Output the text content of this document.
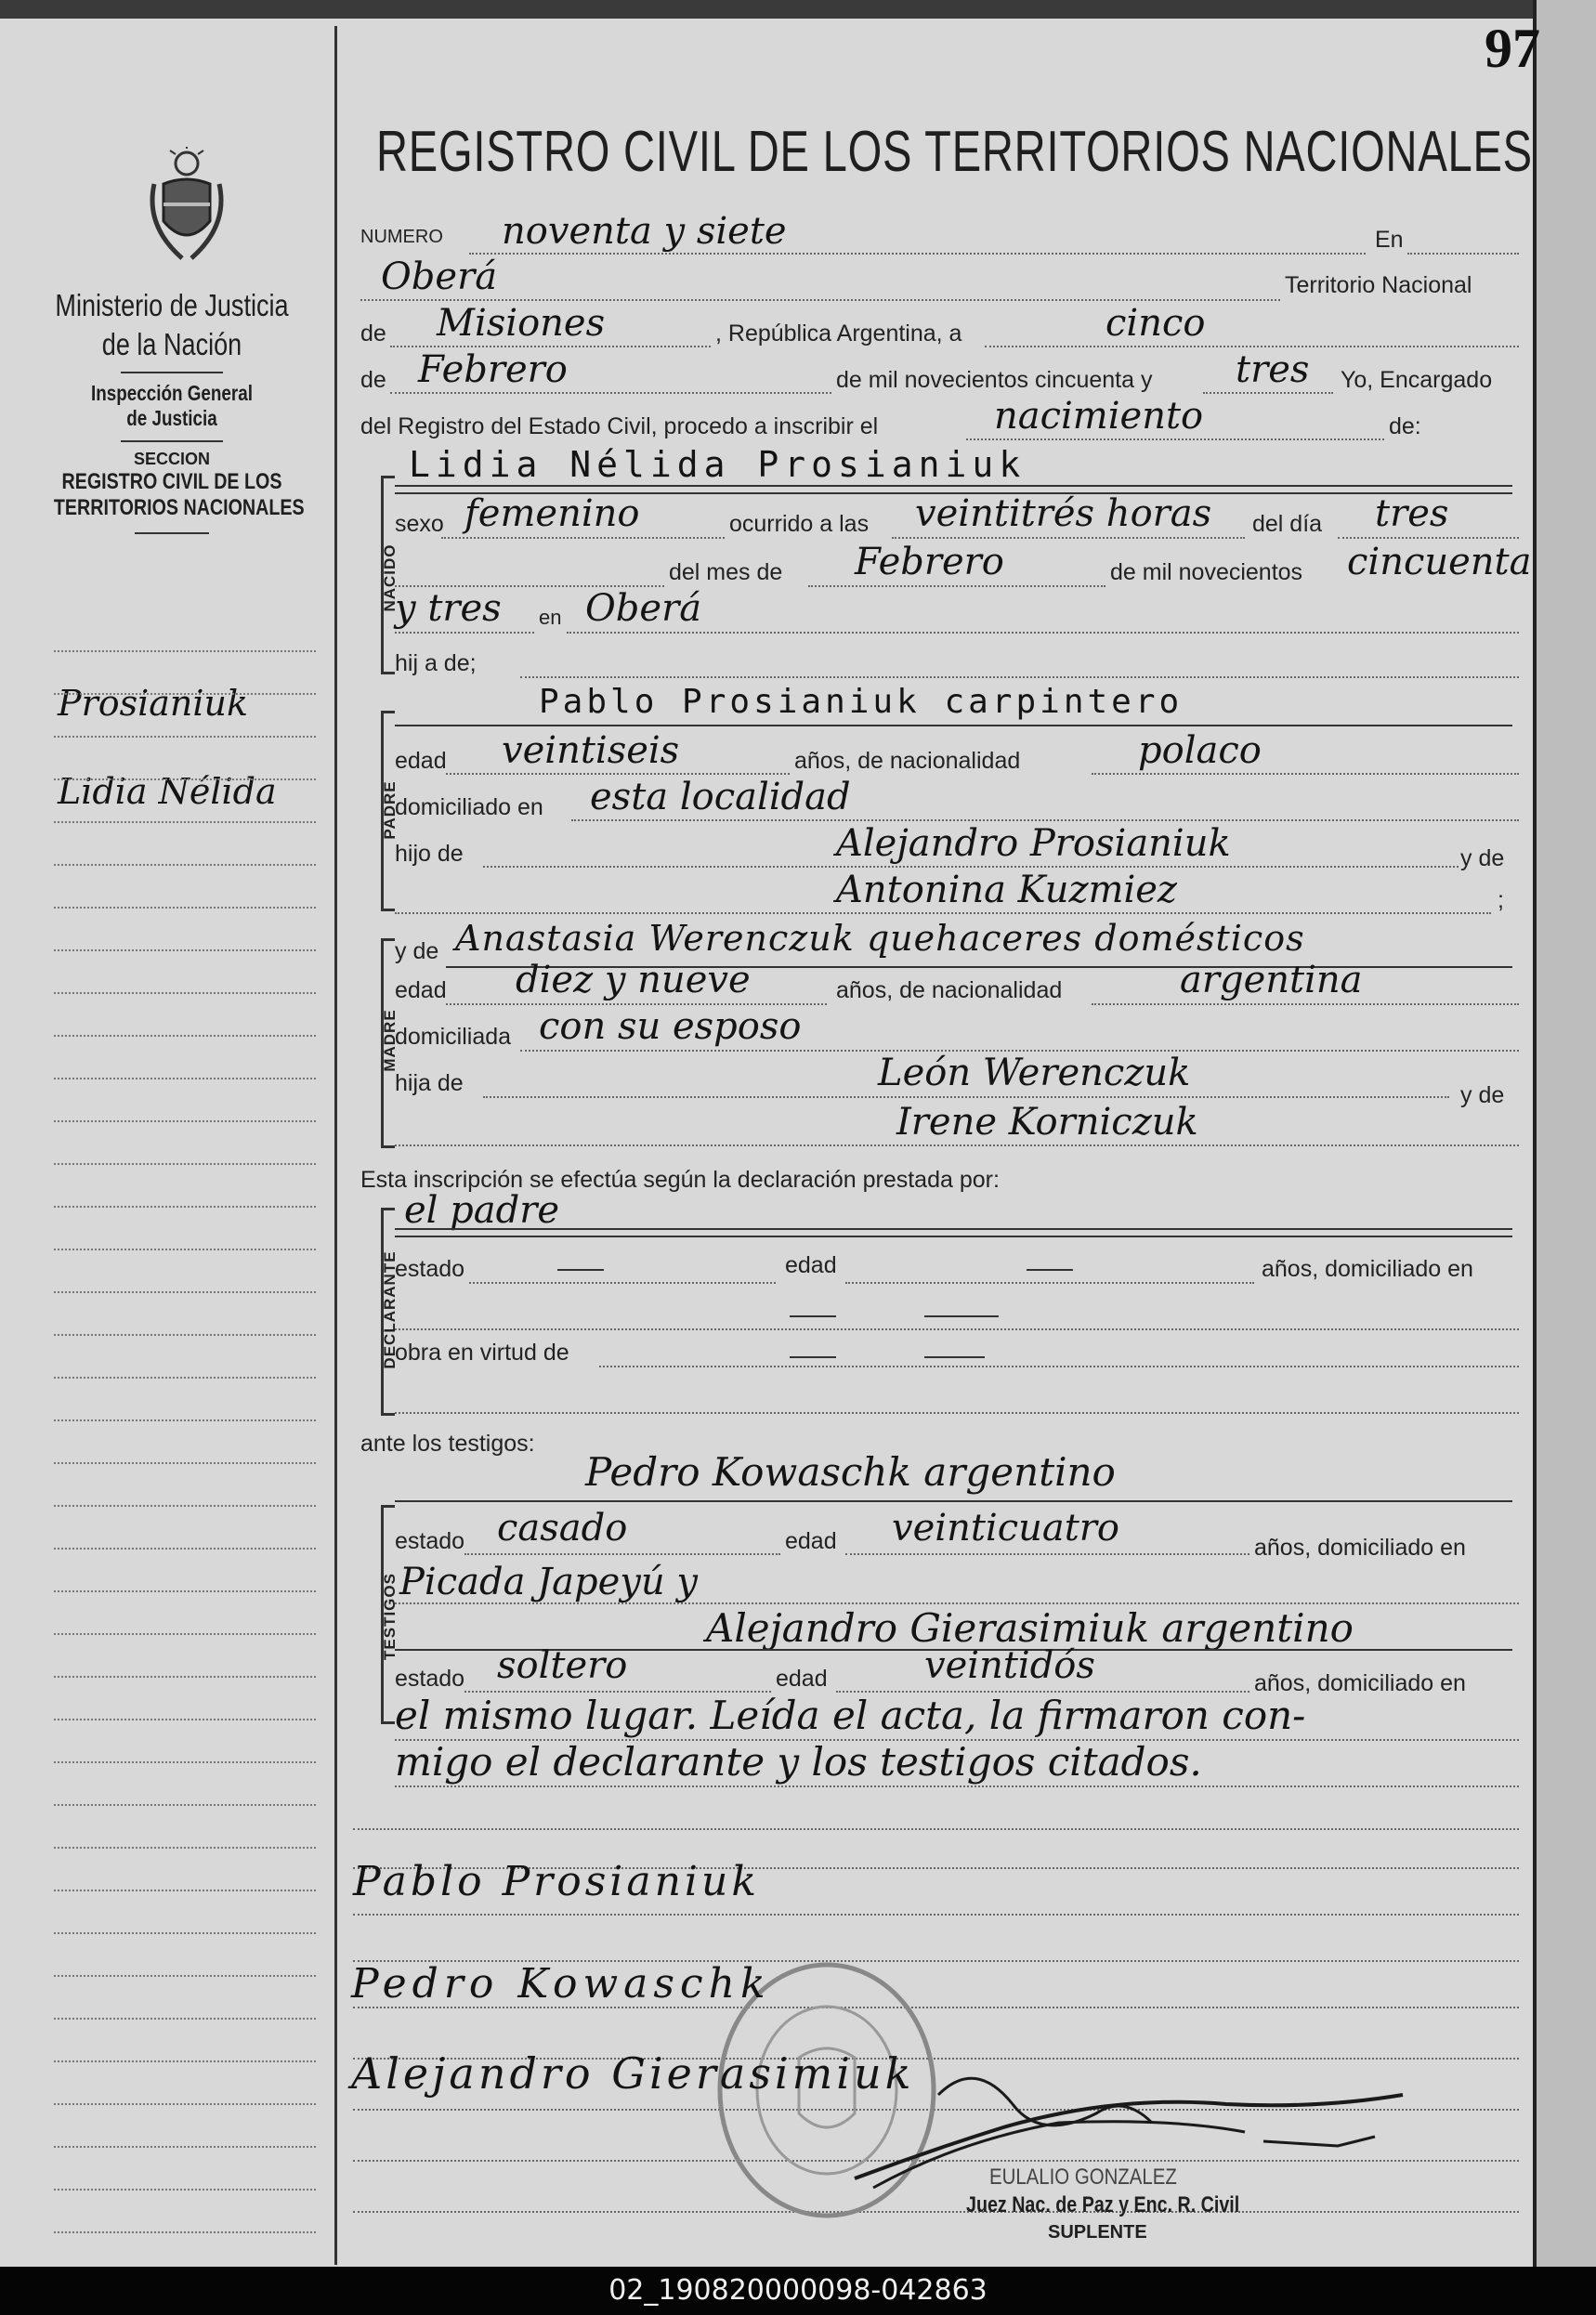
97
Ministerio de Justicia
de la Nación
Inspección General
de Justicia
SECCION
REGISTRO CIVIL DE LOS
TERRITORIOS NACIONALES
Prosianiuk
Lidia Nélida
REGISTRO CIVIL DE LOS TERRITORIOS NACIONALES
NUMERO noventa y siete	En
Oberá	Territorio Nacional
de Misiones	, República Argentina, a	cinco
de Febrero	de mil novecientos cincuenta y tres Yo, Encargado
del Registro del Estado Civil, procedo a inscribir el	nacimiento	de:
NACIDO
Lidia Nélida Prosianiuk
sexo femenino	ocurrido a las veintitrés horas del día tres
del mes de Febrero	de mil novecientos cincuenta
y tres en Oberá
hij a de;
PADRE
Pablo Prosianiuk carpintero
edad veintiseis	años, de nacionalidad	polaco
domiciliado en esta localidad
hijo de	Alejandro Prosianiuk	y de
Antonina Kuzmiez	;
MADRE
y de Anastasia Werenczuk quehaceres domésticos
edad diez y nueve	años, de nacionalidad	argentina
domiciliada con su esposo
hija de	León Werenczuk
y de
Irene Korniczuk
Esta inscripción se efectúa según la declaración prestada por:
DECLARANTE
el padre
estado	edad	años, domiciliado en
obra en virtud de
ante los testigos:
Pedro Kowaschk argentino
TESTIGOS
estado casado	edad veinticuatro	años, domiciliado en
Picada Japeyú y
Alejandro Gierasimiuk argentino
estado soltero	edad	veintidós	años, domiciliado en
el mismo lugar. Leída el acta, la firmaron con-
migo el declarante y los testigos citados.
Pablo Prosianiuk
Pedro Kowaschk
Alejandro Gierasimiuk
EULALIO GONZALEZ
Juez Nac. de Paz y Enc. R. Civil
SUPLENTE
02_190820000098-042863
